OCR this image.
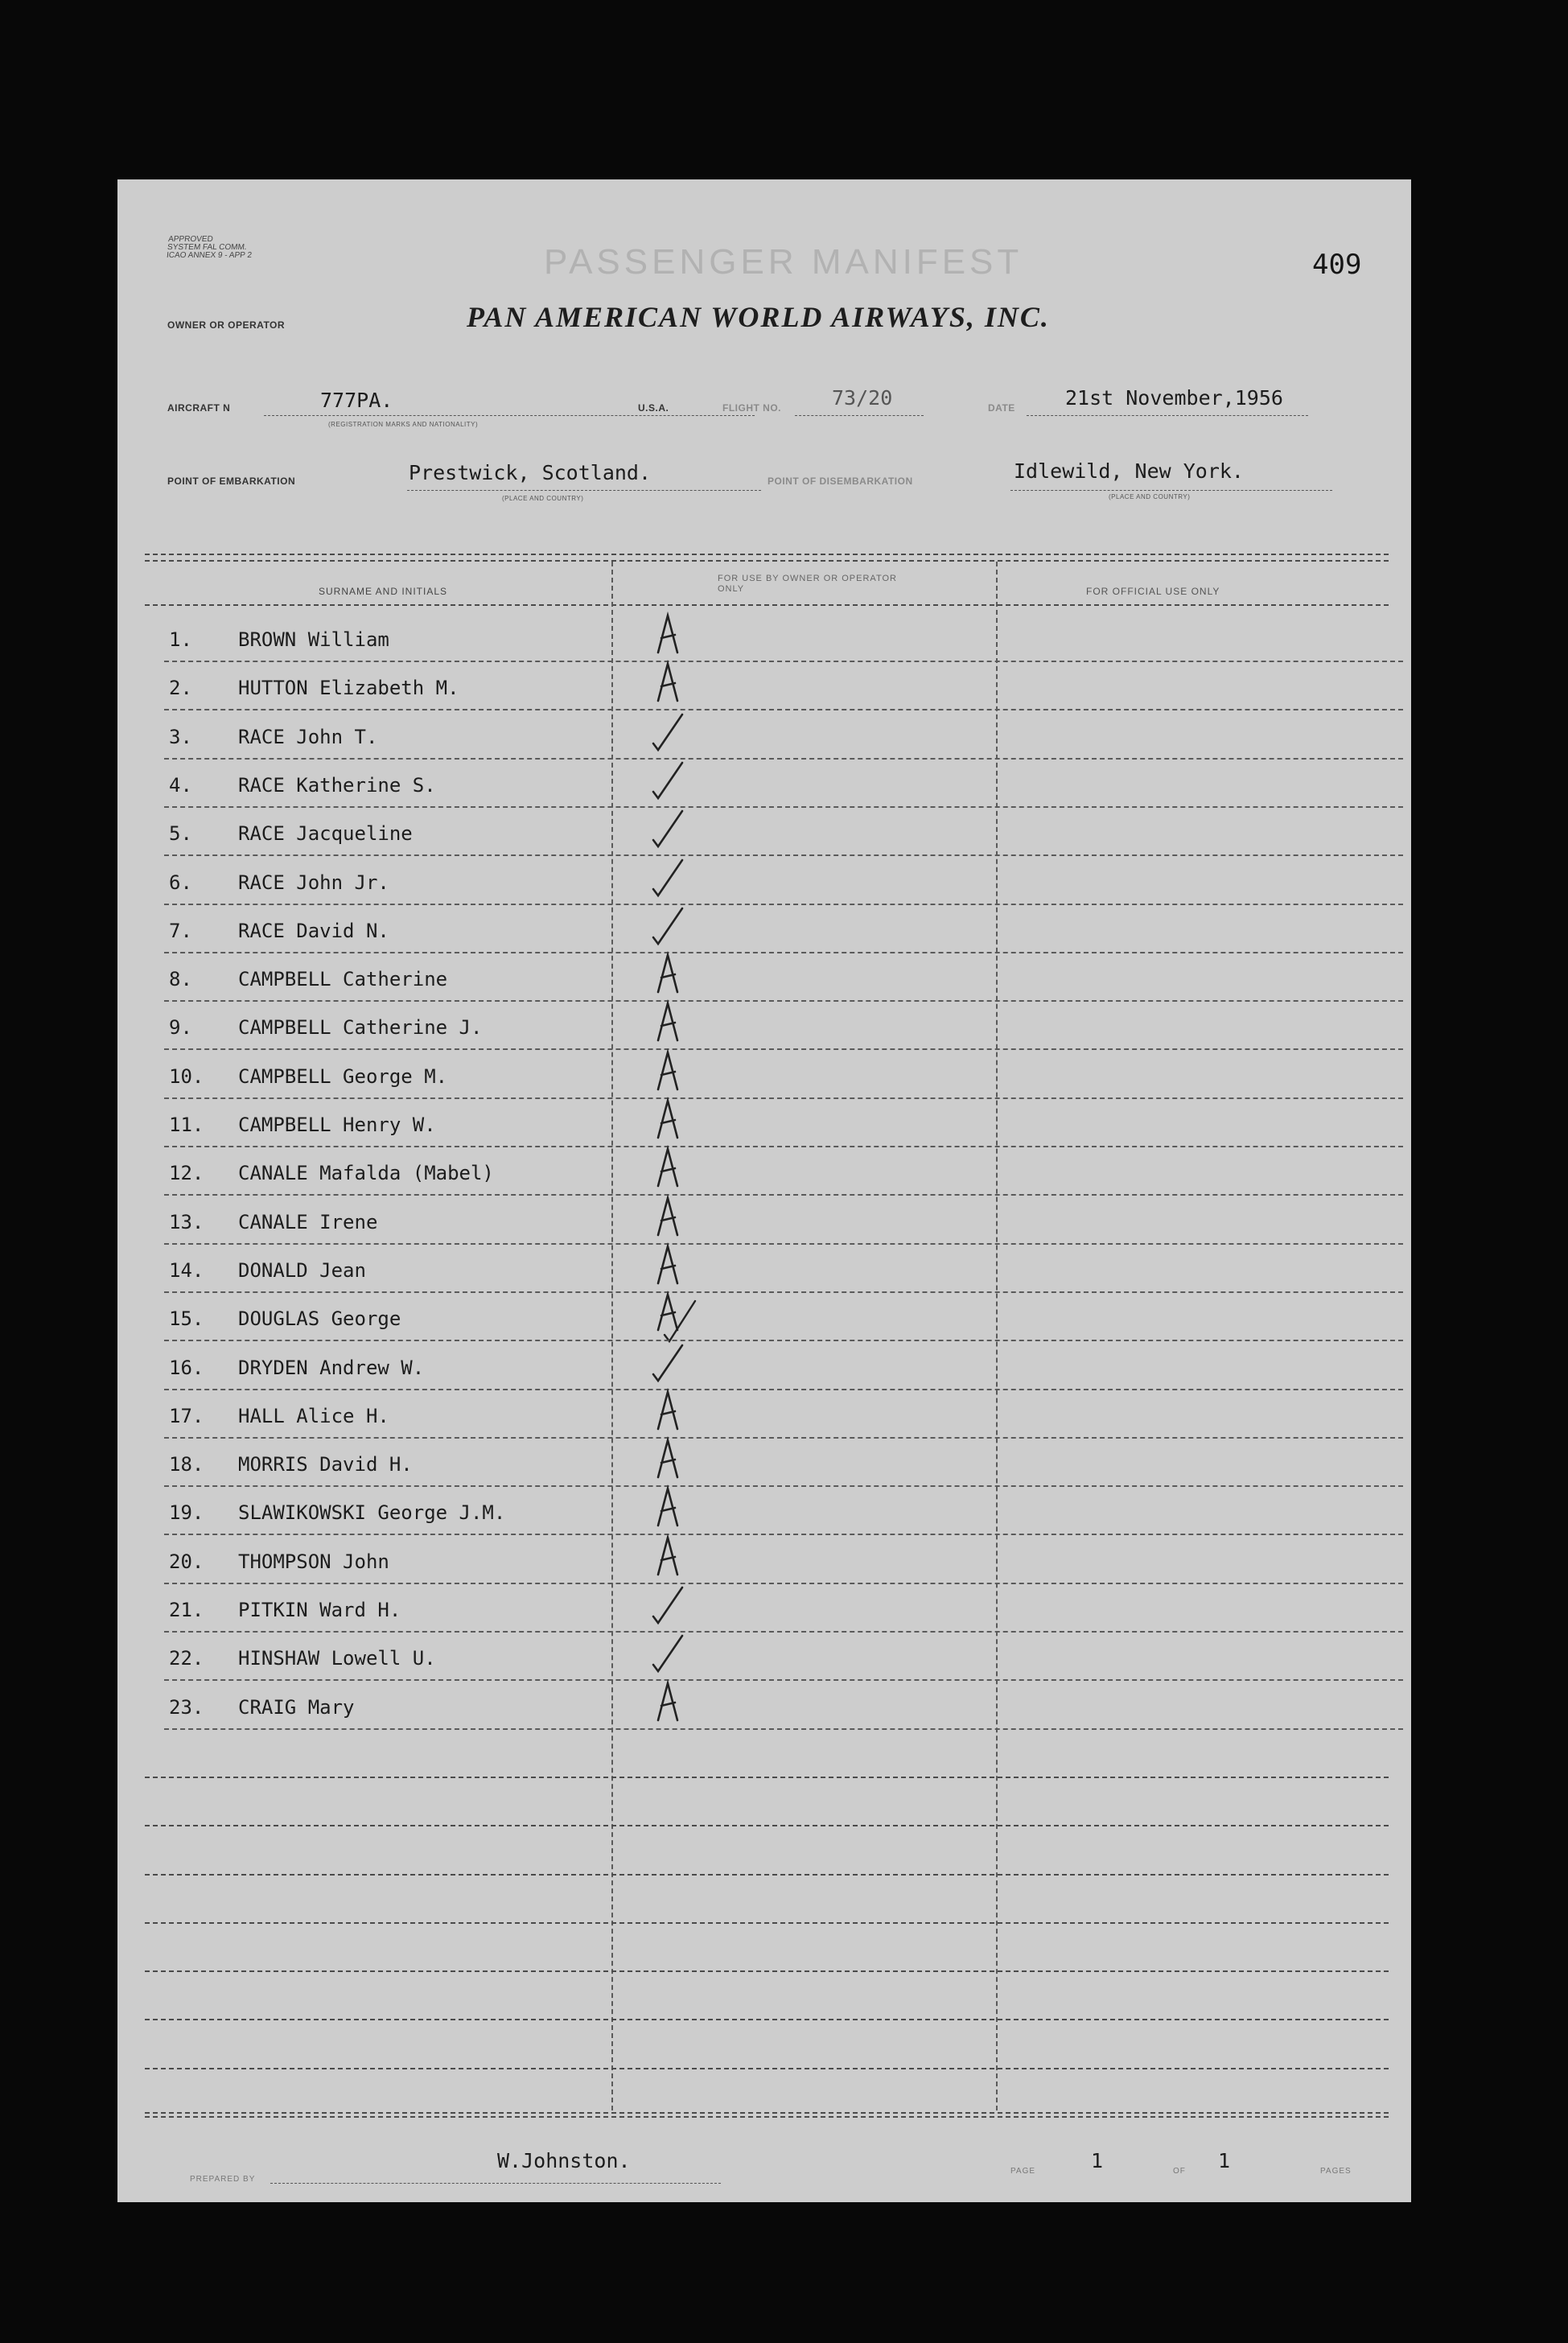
APPROVED
SYSTEM FAL COMM.
ICAO ANNEX 9 - APP 2	PASSENGER MANIFEST	409
OWNER OR OPERATOR	PAN AMERICAN WORLD AIRWAYS, INC.
AIRCRAFT N	777PA.
(REGISTRATION MARKS AND NATIONALITY)
U.S.A.	FLIGHT NO.	73/20	DATE 21st November,1956
POINT OF EMBARKATION	Prestwick, Scotland.
(PLACE AND COUNTRY)
POINT OF DISEMBARKATION	Idlewild, New York.
(PLACE AND COUNTRY)
SURNAME AND INITIALS
FOR USE BY OWNER OR OPERATOR ONLY	FOR OFFICIAL USE ONLY
1. BROWN William
2. HUTTON Elizabeth M.
3. RACE John T.
4. RACE Katherine S.
5. RACE Jacqueline
6. RACE John Jr.
7. RACE David N.
8. CAMPBELL Catherine
9. CAMPBELL Catherine J.
10. CAMPBELL George M.
11. CAMPBELL Henry W.
12. CANALE Mafalda (Mabel)
13. CANALE Irene
14. DONALD Jean
15. DOUGLAS George
16. DRYDEN Andrew W.
17. HALL Alice H.
18. MORRIS David H.
19. SLAWIKOWSKI George J.M.
20. THOMPSON John
21. PITKIN Ward H.
22. HINSHAW Lowell U.
23. CRAIG Mary
PREPARED BY
W.Johnston.	PAGE	1	OF 1	PAGES
